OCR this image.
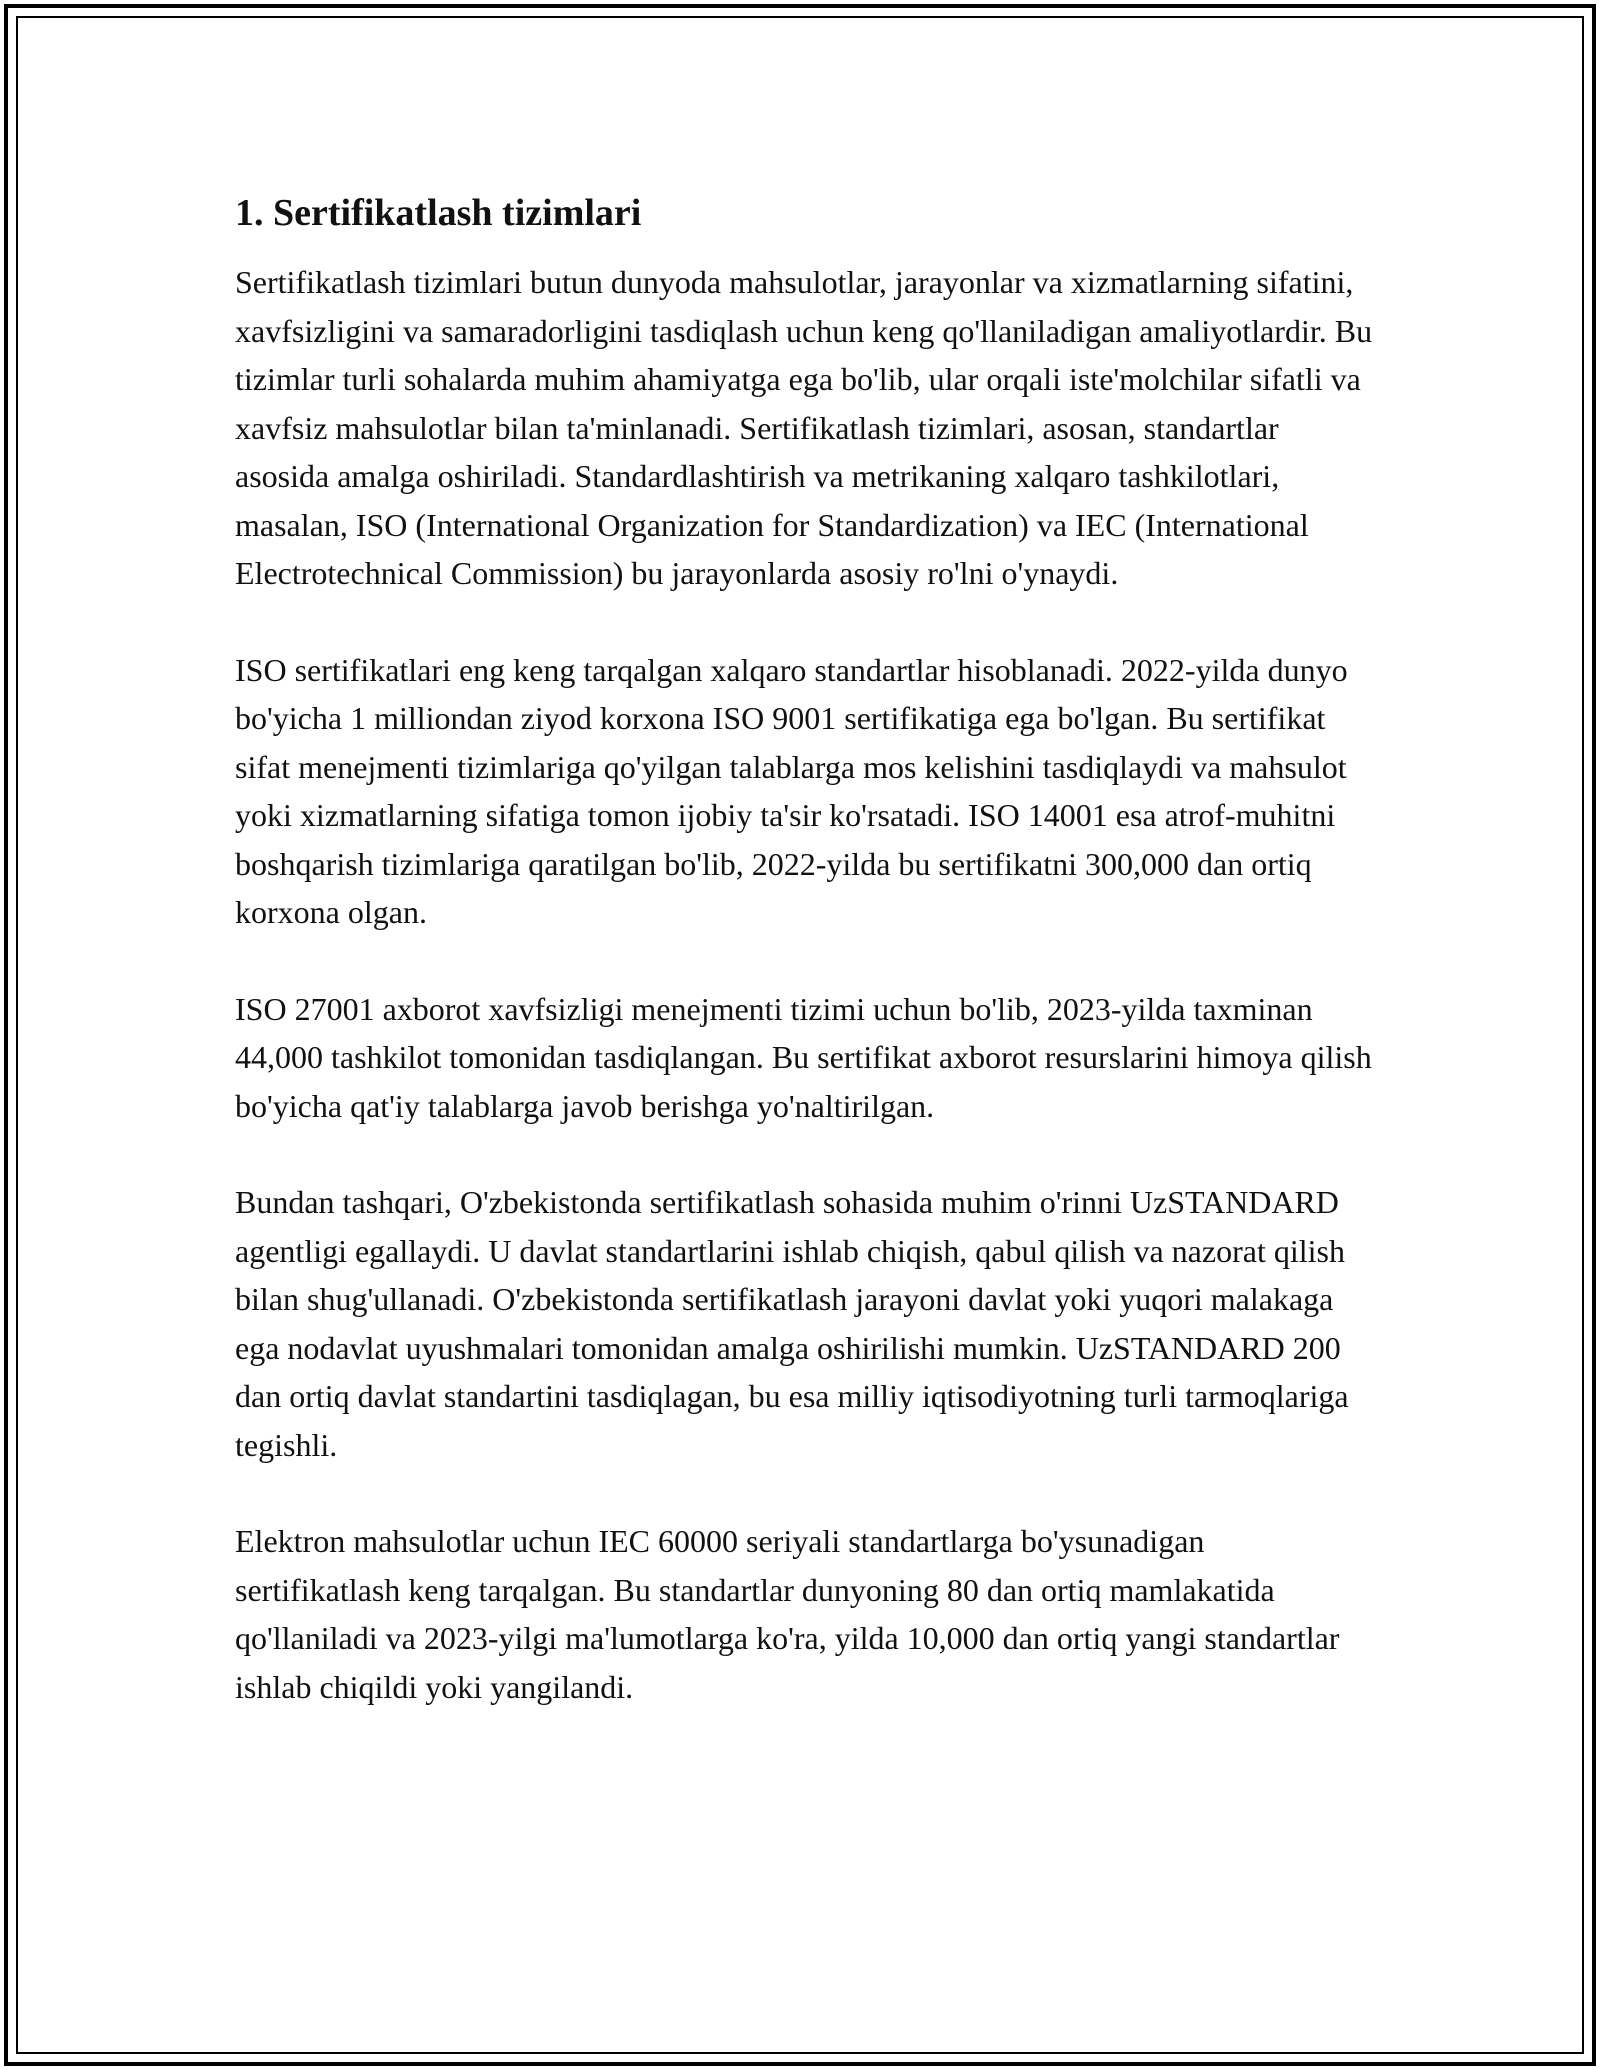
1. Sertifikatlash tizimlari

Sertifikatlash tizimlari butun dunyoda mahsulotlar, jarayonlar va xizmatlarning sifatini, xavfsizligini va samaradorligini tasdiqlash uchun keng qo'llaniladigan amaliyotlardir. Bu tizimlar turli sohalarda muhim ahamiyatga ega bo'lib, ular orqali iste'molchilar sifatli va xavfsiz mahsulotlar bilan ta'minlanadi. Sertifikatlash tizimlari, asosan, standartlar asosida amalga oshiriladi. Standardlashtirish va metrikaning xalqaro tashkilotlari, masalan, ISO (International Organization for Standardization) va IEC (International Electrotechnical Commission) bu jarayonlarda asosiy ro'lni o'ynaydi.

ISO sertifikatlari eng keng tarqalgan xalqaro standartlar hisoblanadi. 2022-yilda dunyo bo'yicha 1 milliondan ziyod korxona ISO 9001 sertifikatiga ega bo'lgan. Bu sertifikat sifat menejmenti tizimlariga qo'yilgan talablarga mos kelishini tasdiqlaydi va mahsulot yoki xizmatlarning sifatiga tomon ijobiy ta'sir ko'rsatadi. ISO 14001 esa atrof-muhitni boshqarish tizimlariga qaratilgan bo'lib, 2022-yilda bu sertifikatni 300,000 dan ortiq korxona olgan.

ISO 27001 axborot xavfsizligi menejmenti tizimi uchun bo'lib, 2023-yilda taxminan 44,000 tashkilot tomonidan tasdiqlangan. Bu sertifikat axborot resurslarini himoya qilish bo'yicha qat'iy talablarga javob berishga yo'naltirilgan.

Bundan tashqari, O'zbekistonda sertifikatlash sohasida muhim o'rinni UzSTANDARD agentligi egallaydi. U davlat standartlarini ishlab chiqish, qabul qilish va nazorat qilish bilan shug'ullanadi. O'zbekistonda sertifikatlash jarayoni davlat yoki yuqori malakaga ega nodavlat uyushmalari tomonidan amalga oshirilishi mumkin. UzSTANDARD 200 dan ortiq davlat standartini tasdiqlagan, bu esa milliy iqtisodiyotning turli tarmoqlariga tegishli.

Elektron mahsulotlar uchun IEC 60000 seriyali standartlarga bo'ysunadigan sertifikatlash keng tarqalgan. Bu standartlar dunyoning 80 dan ortiq mamlakatida qo'llaniladi va 2023-yilgi ma'lumotlarga ko'ra, yilda 10,000 dan ortiq yangi standartlar ishlab chiqildi yoki yangilandi.
